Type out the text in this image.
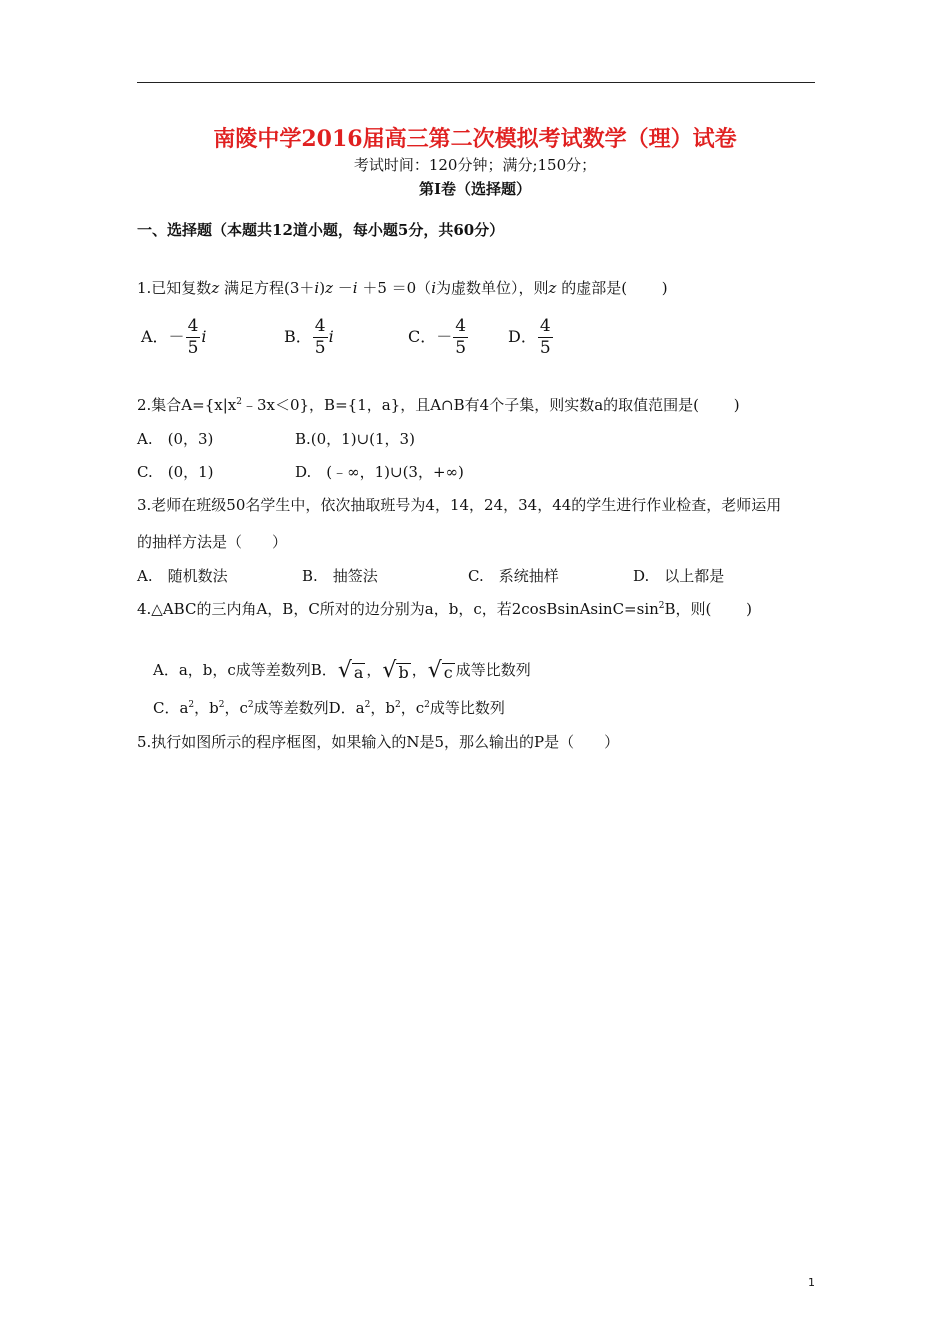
南陵中学2016届高三第二次模拟考试数学（理）试卷
考试时间：120分钟；满分;150分；
第Ⅰ卷（选择题）
一、选择题（本题共12道小题，每小题5分，共60分）
1.已知复数z 满足方程(3＋i)z －i ＋5 ＝0（i为虚数单位），则z 的虚部是(　　 )
A．－ $\frac{4}{5}$ i	B． $\frac{4}{5}$ i	C．－ $\frac{4}{5}$ D． $\frac{4}{5}$
2.集合$A=\{x|x^2﹣3x<0\}$，B={1，a}，且A∩B有4个子集，则实数a的取值范围是(　　 )
A.　(0，3)	B.(0，1)∪(1，3)
C.　(0，1)	D.　(﹣∞，1)∪(3，+∞)
3.老师在班级50名学生中，依次抽取班号为4，14，24，34，44的学生进行作业检查，老师运用
的抽样方法是（　　）
A.　随机数法	B.　抽签法	C.　系统抽样	D.　以上都是
4.△ABC的三内角A，B，C所对的边分别为a，b，c，若$2cosBsinAsinC=\sin^2B$，则(　　 )
A．a，b，c成等差数列B． √ a ， √ b ， √ c 成等比数列
C．$a^2$，$b^2$，$c^2$成等差数列D．$a^2$，$b^2$，$c^2$成等比数列
5.执行如图所示的程序框图，如果输入的N是5，那么输出的P是（　　）
1
